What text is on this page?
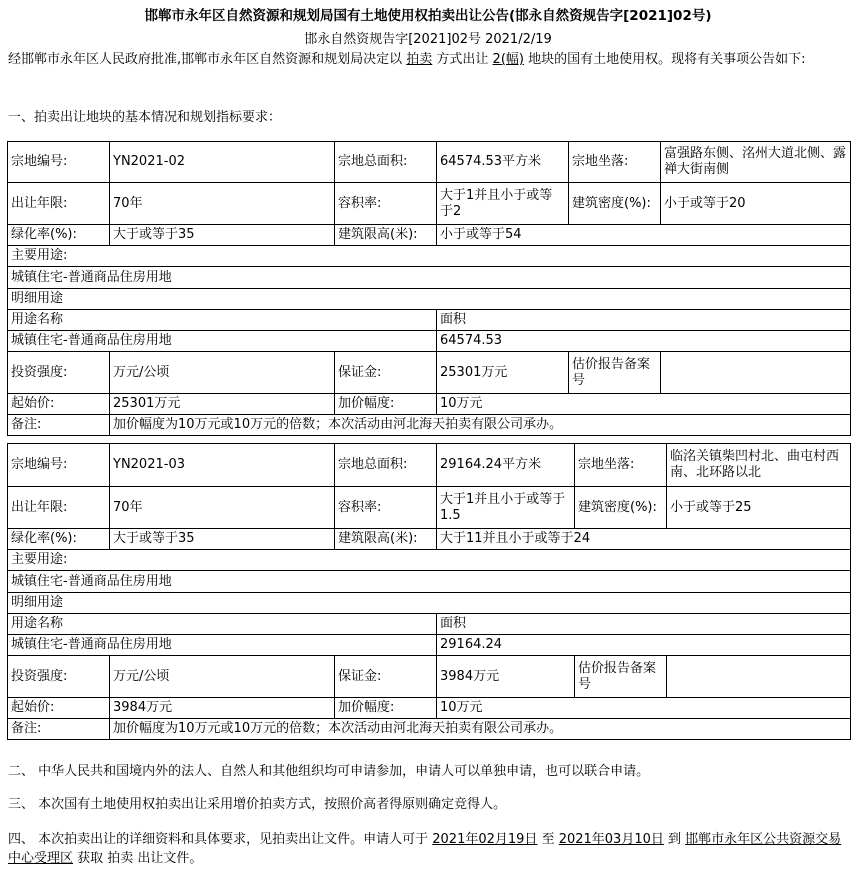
邯郸市永年区自然资源和规划局国有土地使用权拍卖出让公告(邯永自然资规告字[2021]02号)
邯永自然资规告字[2021]02号 2021/2/19
经邯郸市永年区人民政府批准,邯郸市永年区自然资源和规划局决定以 拍卖 方式出让 2(幅) 地块的国有土地使用权。现将有关事项公告如下:
一、拍卖出让地块的基本情况和规划指标要求：
宗地编号:	YN2021-02	宗地总面积:	64574.53平方米	宗地坐落:	富强路东侧、洺州大道北侧、露禅大街南侧
出让年限:	70年	容积率:	大于1并且小于或等于2	建筑密度(%):	小于或等于20
绿化率(%):	大于或等于35	建筑限高(米):	小于或等于54		
主要用途:					
城镇住宅-普通商品住房用地					
明细用途					
用途名称			面积		
城镇住宅-普通商品住房用地			64574.53		
投资强度:	万元/公顷	保证金:	25301万元	估价报告备案号	
起始价:	25301万元	加价幅度:	10万元		
备注:	加价幅度为10万元或10万元的倍数；本次活动由河北海天拍卖有限公司承办。				
宗地编号:	YN2021-03	宗地总面积:	29164.24平方米	宗地坐落:	临洺关镇柴凹村北、曲屯村西南、北环路以北
出让年限:	70年	容积率:	大于1并且小于或等于1.5	建筑密度(%):	小于或等于25
绿化率(%):	大于或等于35	建筑限高(米):	大于11并且小于或等于24		
主要用途:					
城镇住宅-普通商品住房用地					
明细用途					
用途名称			面积		
城镇住宅-普通商品住房用地			29164.24		
投资强度:	万元/公顷	保证金:	3984万元	估价报告备案号	
起始价:	3984万元	加价幅度:	10万元		
备注:	加价幅度为10万元或10万元的倍数；本次活动由河北海天拍卖有限公司承办。				
二、 中华人民共和国境内外的法人、自然人和其他组织均可申请参加，申请人可以单独申请，也可以联合申请。
三、 本次国有土地使用权拍卖出让采用增价拍卖方式，按照价高者得原则确定竞得人。
四、 本次拍卖出让的详细资料和具体要求，见拍卖出让文件。申请人可于 2021年02月19日 至 2021年03月10日 到 邯郸市永年区公共资源交易中心受理区 获取 拍卖 出让文件。
